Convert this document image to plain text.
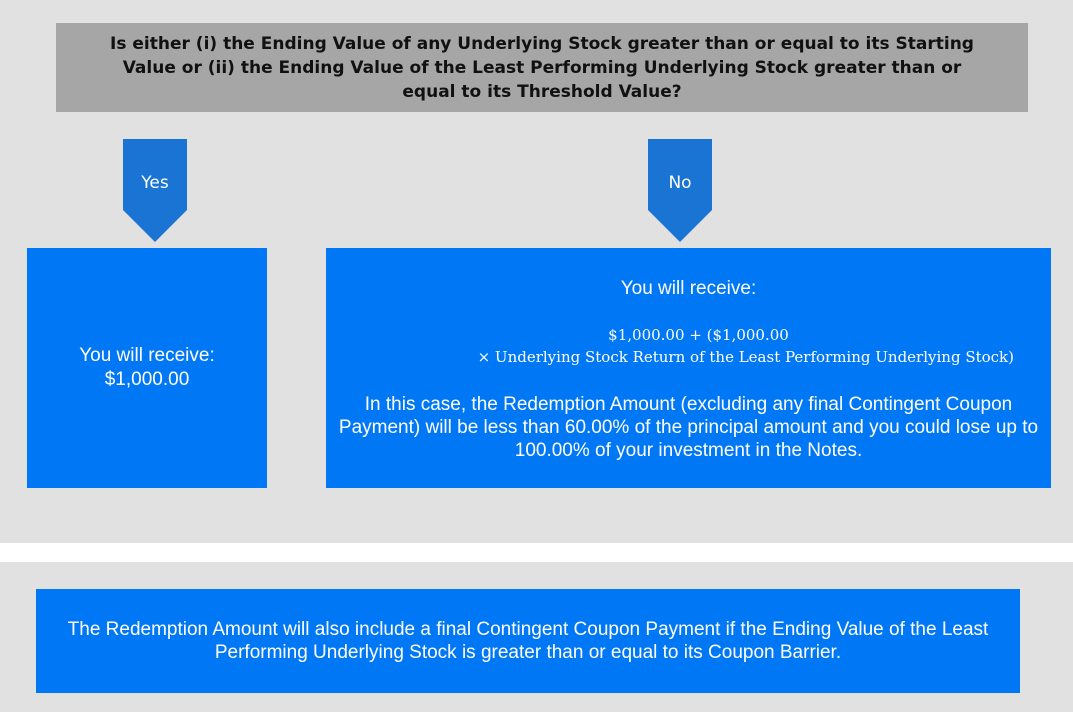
Is either (i) the Ending Value of any Underlying Stock greater than or equal to its Starting Value or (ii) the Ending Value of the Least Performing Underlying Stock greater than or equal to its Threshold Value?
Yes	No
You will receive:
$1,000.00
You will receive:
$1,000.00 + ($1,000.00
× Underlying Stock Return of the Least Performing Underlying Stock)
In this case, the Redemption Amount (excluding any final Contingent Coupon Payment) will be less than 60.00% of the principal amount and you could lose up to 100.00% of your investment in the Notes.
The Redemption Amount will also include a final Contingent Coupon Payment if the Ending Value of the Least Performing Underlying Stock is greater than or equal to its Coupon Barrier.
